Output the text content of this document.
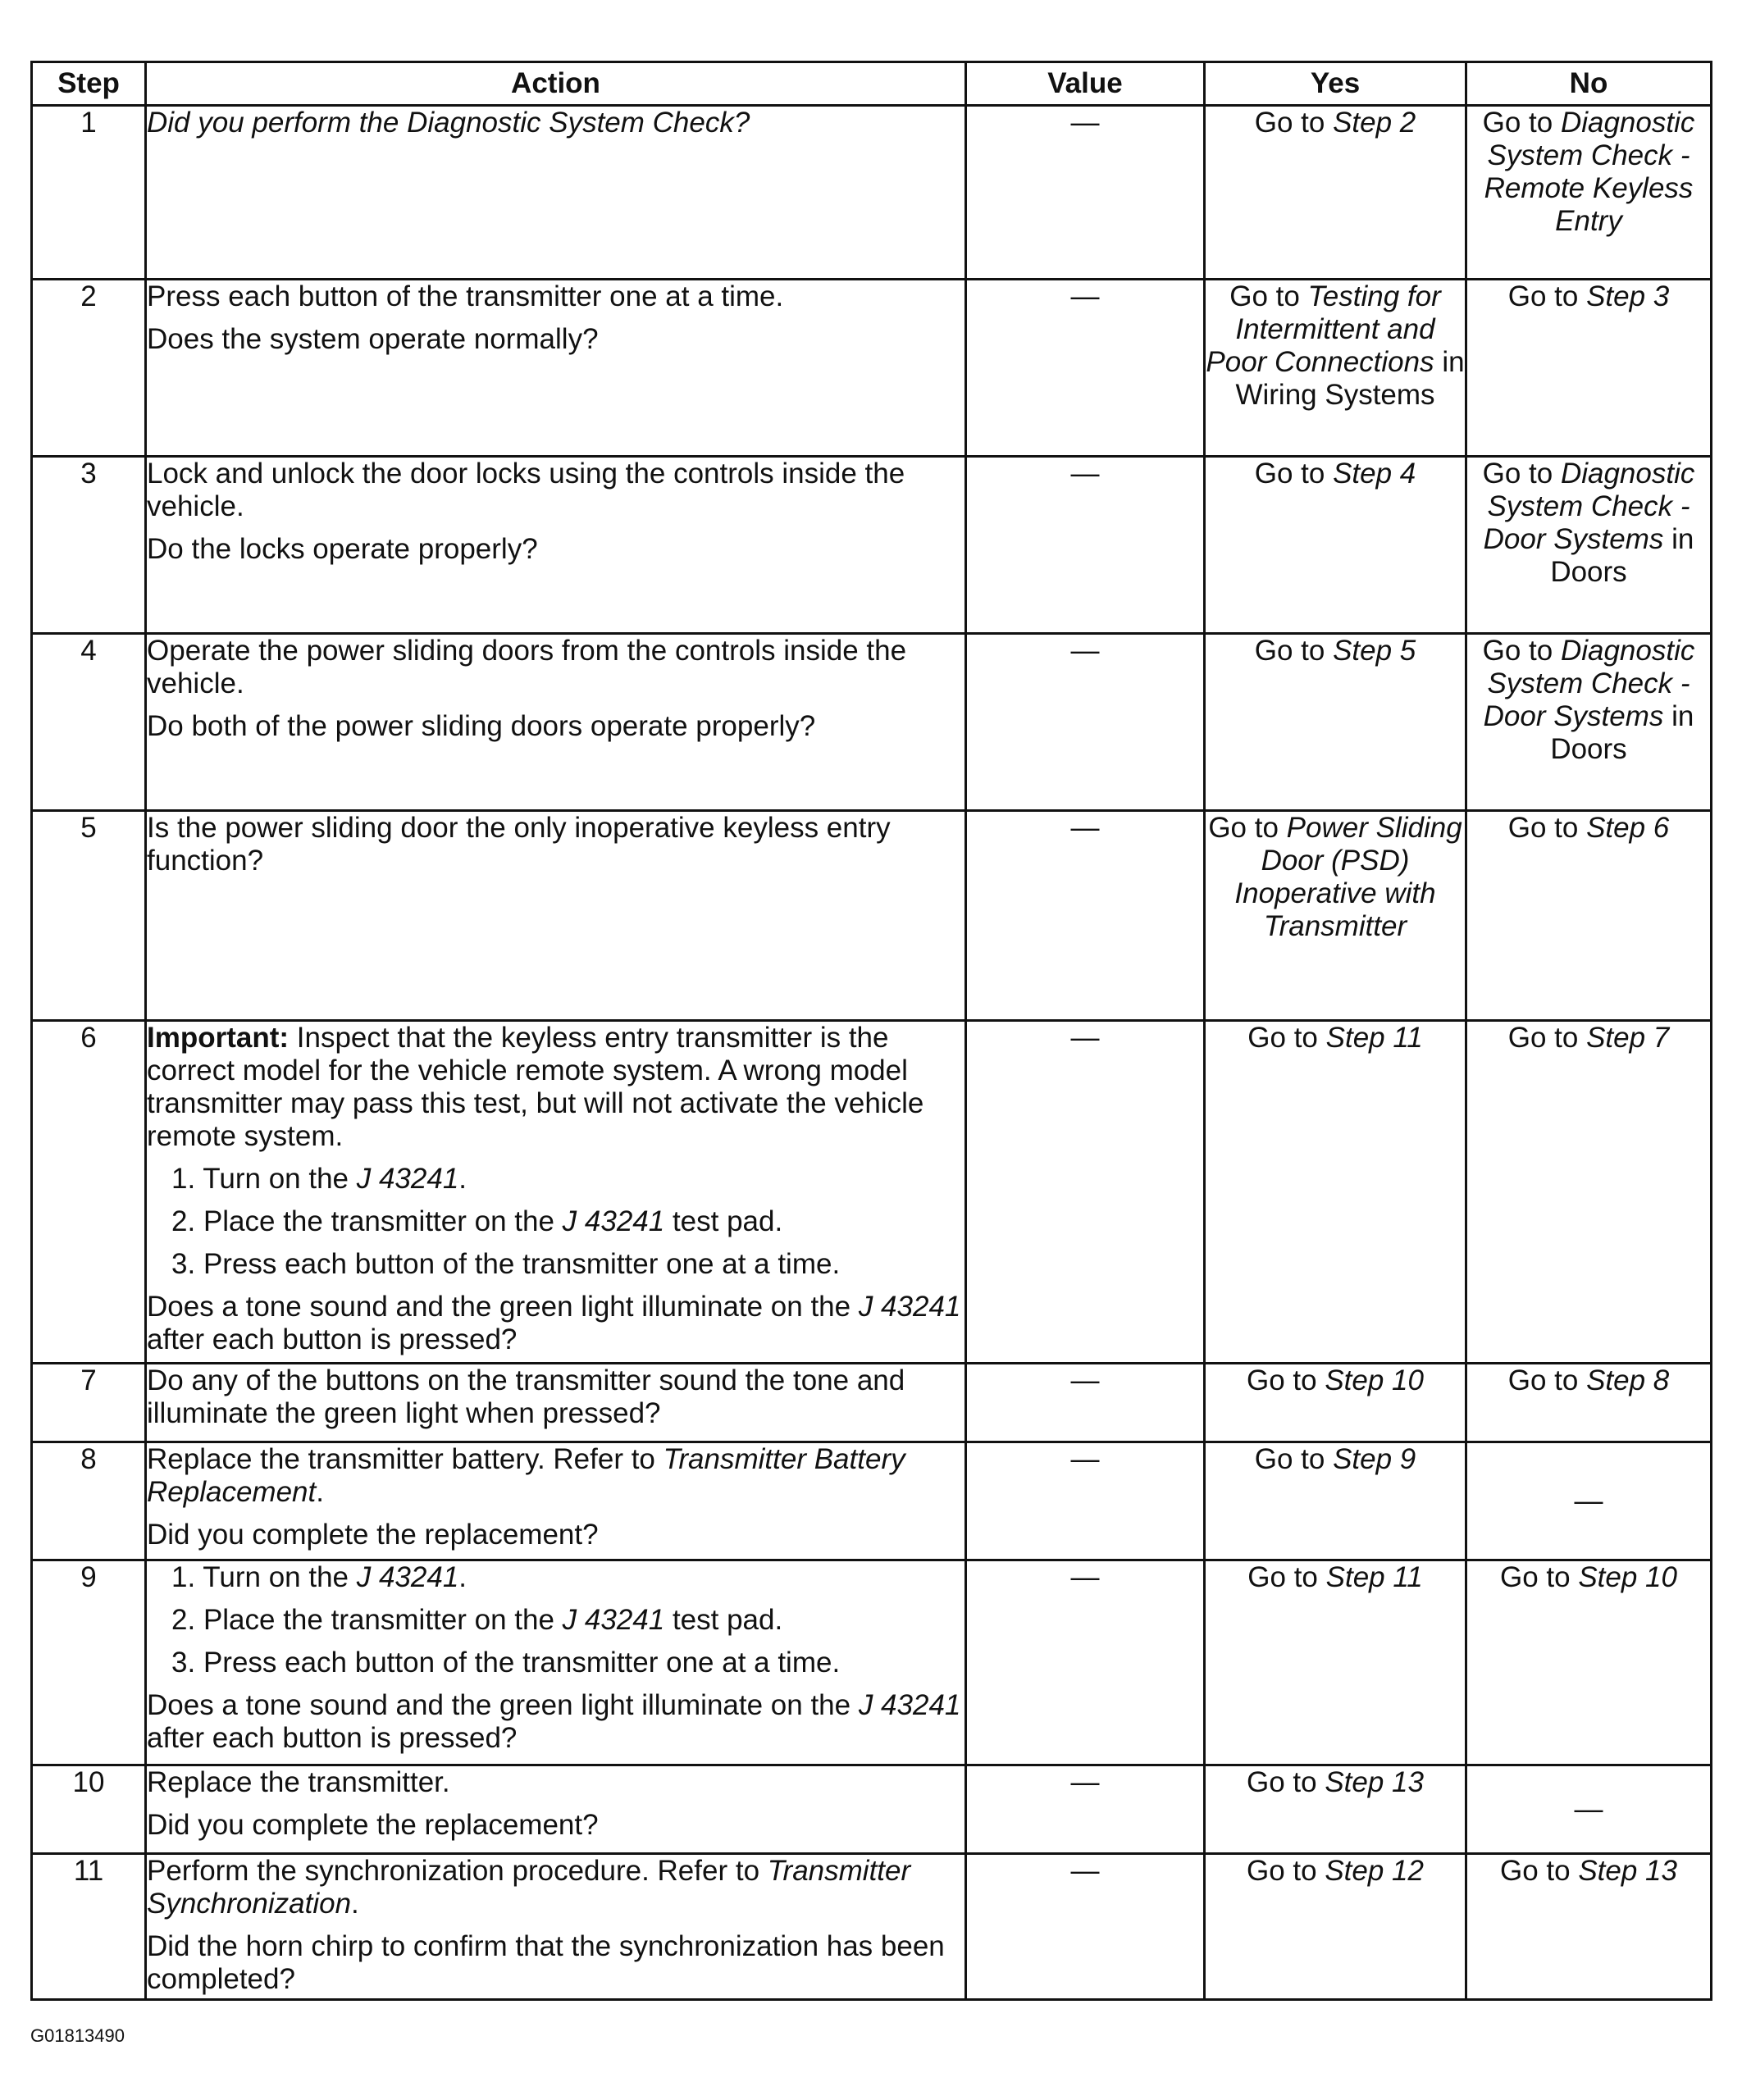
Step	Action	Value	Yes	No
1	Did you perform the Diagnostic System Check?	—	Go to Step 2	Go to Diagnostic System Check - Remote Keyless Entry
2	Press each button of the transmitter one at a time.
Does the system operate normally?	—	Go to Testing for Intermittent and Poor Connections in Wiring Systems	Go to Step 3
3	Lock and unlock the door locks using the controls inside the vehicle.
Do the locks operate properly?	—	Go to Step 4	Go to Diagnostic System Check - Door Systems in Doors
4	Operate the power sliding doors from the controls inside the vehicle.
Do both of the power sliding doors operate properly?	—	Go to Step 5	Go to Diagnostic System Check - Door Systems in Doors
5	Is the power sliding door the only inoperative keyless entry function?	—	Go to Power Sliding Door (PSD) Inoperative with Transmitter	Go to Step 6
6	Important: Inspect that the keyless entry transmitter is the correct model for the vehicle remote system. A wrong model transmitter may pass this test, but will not activate the vehicle remote system.
1. Turn on the J 43241.
2. Place the transmitter on the J 43241 test pad.
3. Press each button of the transmitter one at a time.
Does a tone sound and the green light illuminate on the J 43241 after each button is pressed?	—	Go to Step 11	Go to Step 7
7	Do any of the buttons on the transmitter sound the tone and illuminate the green light when pressed?	—	Go to Step 10	Go to Step 8
8	Replace the transmitter battery. Refer to Transmitter Battery Replacement.
Did you complete the replacement?	—	Go to Step 9	—
9	1. Turn on the J 43241.
2. Place the transmitter on the J 43241 test pad.
3. Press each button of the transmitter one at a time.
Does a tone sound and the green light illuminate on the J 43241 after each button is pressed?	—	Go to Step 11	Go to Step 10
10	Replace the transmitter.
Did you complete the replacement?	—	Go to Step 13	—
11	Perform the synchronization procedure. Refer to Transmitter Synchronization.
Did the horn chirp to confirm that the synchronization has been completed?	—	Go to Step 12	Go to Step 13
G01813490
